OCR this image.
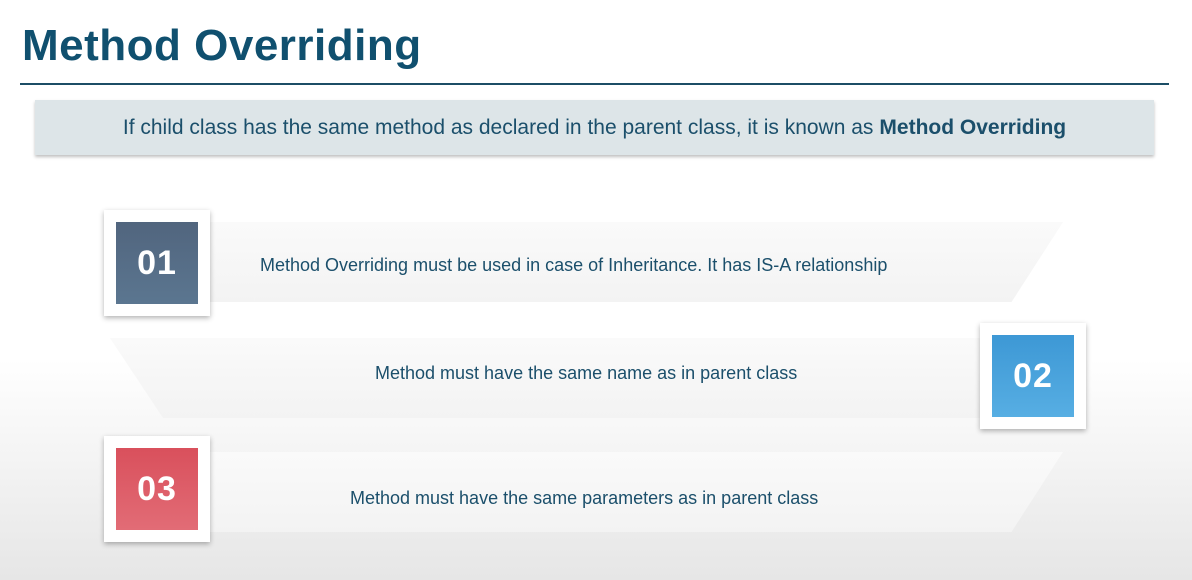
Method Overriding
If child class has the same method as declared in the parent class, it is known as Method Overriding
Method Overriding must be used in case of Inheritance. It has IS-A relationship
Method must have the same name as in parent class
Method must have the same parameters as in parent class
01
02
03
